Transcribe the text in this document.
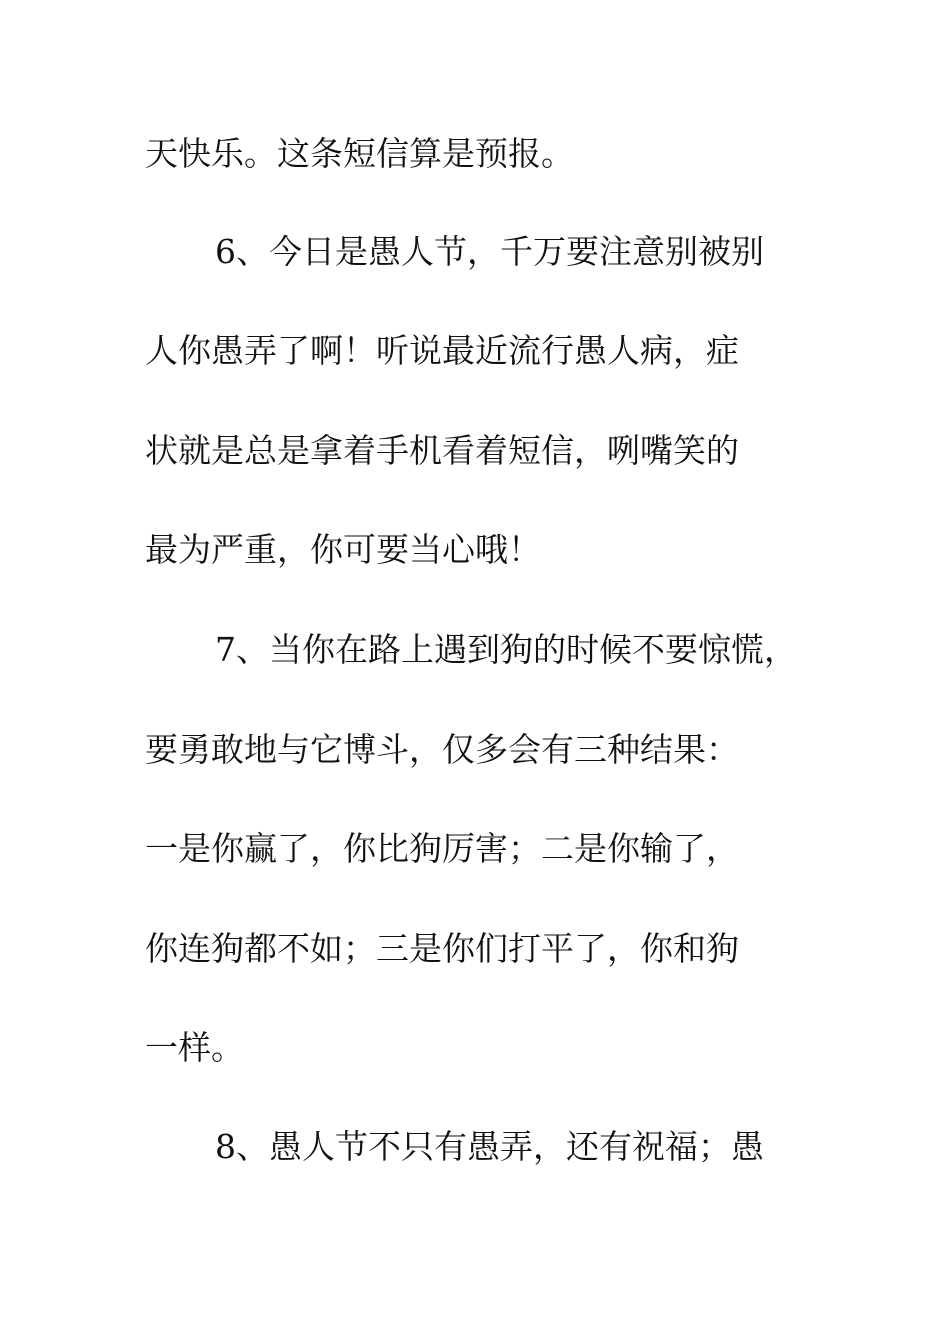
天快乐。这条短信算是预报。
6、今日是愚人节，千万要注意别被别
人你愚弄了啊！听说最近流行愚人病，症
状就是总是拿着手机看着短信，咧嘴笑的
最为严重，你可要当心哦！
7、当你在路上遇到狗的时候不要惊慌，
要勇敢地与它博斗，仅多会有三种结果：
一是你赢了，你比狗厉害；二是你输了，
你连狗都不如；三是你们打平了，你和狗
一样。
8、愚人节不只有愚弄，还有祝福；愚
